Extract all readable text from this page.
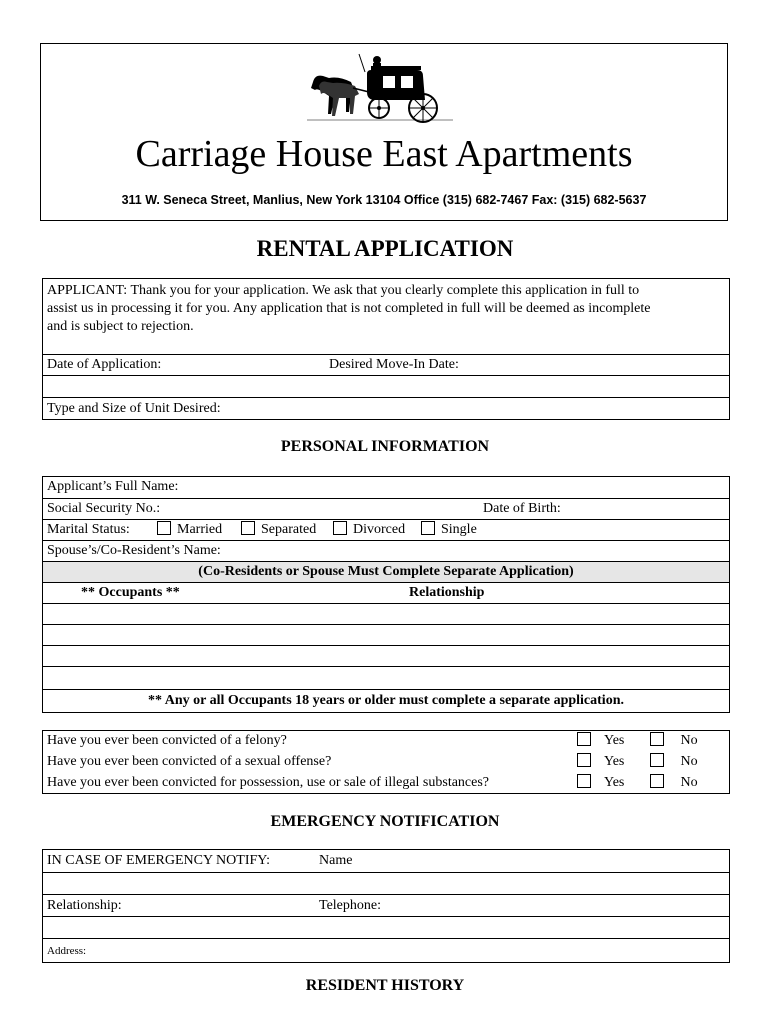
Carriage House East Apartments
311 W. Seneca Street, Manlius, New York 13104 Office (315) 682-7467 Fax: (315) 682-5637
RENTAL APPLICATION
APPLICANT: Thank you for your application. We ask that you clearly complete this application in full to
assist us in processing it for you. Any application that is not completed in full will be deemed as incomplete
and is subject to rejection.
Date of Application:	Desired Move-In Date:
Type and Size of Unit Desired:
PERSONAL INFORMATION
Applicant’s Full Name:
Social Security No.:	Date of Birth:
Marital Status:	Married	Separated	Divorced	Single
Spouse’s/Co-Resident’s Name:
(Co-Residents or Spouse Must Complete Separate Application)
** Occupants **	Relationship
** Any or all Occupants 18 years or older must complete a separate application.
Have you ever been convicted of a felony?	Yes	No
Have you ever been convicted of a sexual offense?	Yes	No
Have you ever been convicted for possession, use or sale of illegal substances?	Yes	No
EMERGENCY NOTIFICATION
IN CASE OF EMERGENCY NOTIFY:	Name
Relationship:	Telephone:
Address:
RESIDENT HISTORY
